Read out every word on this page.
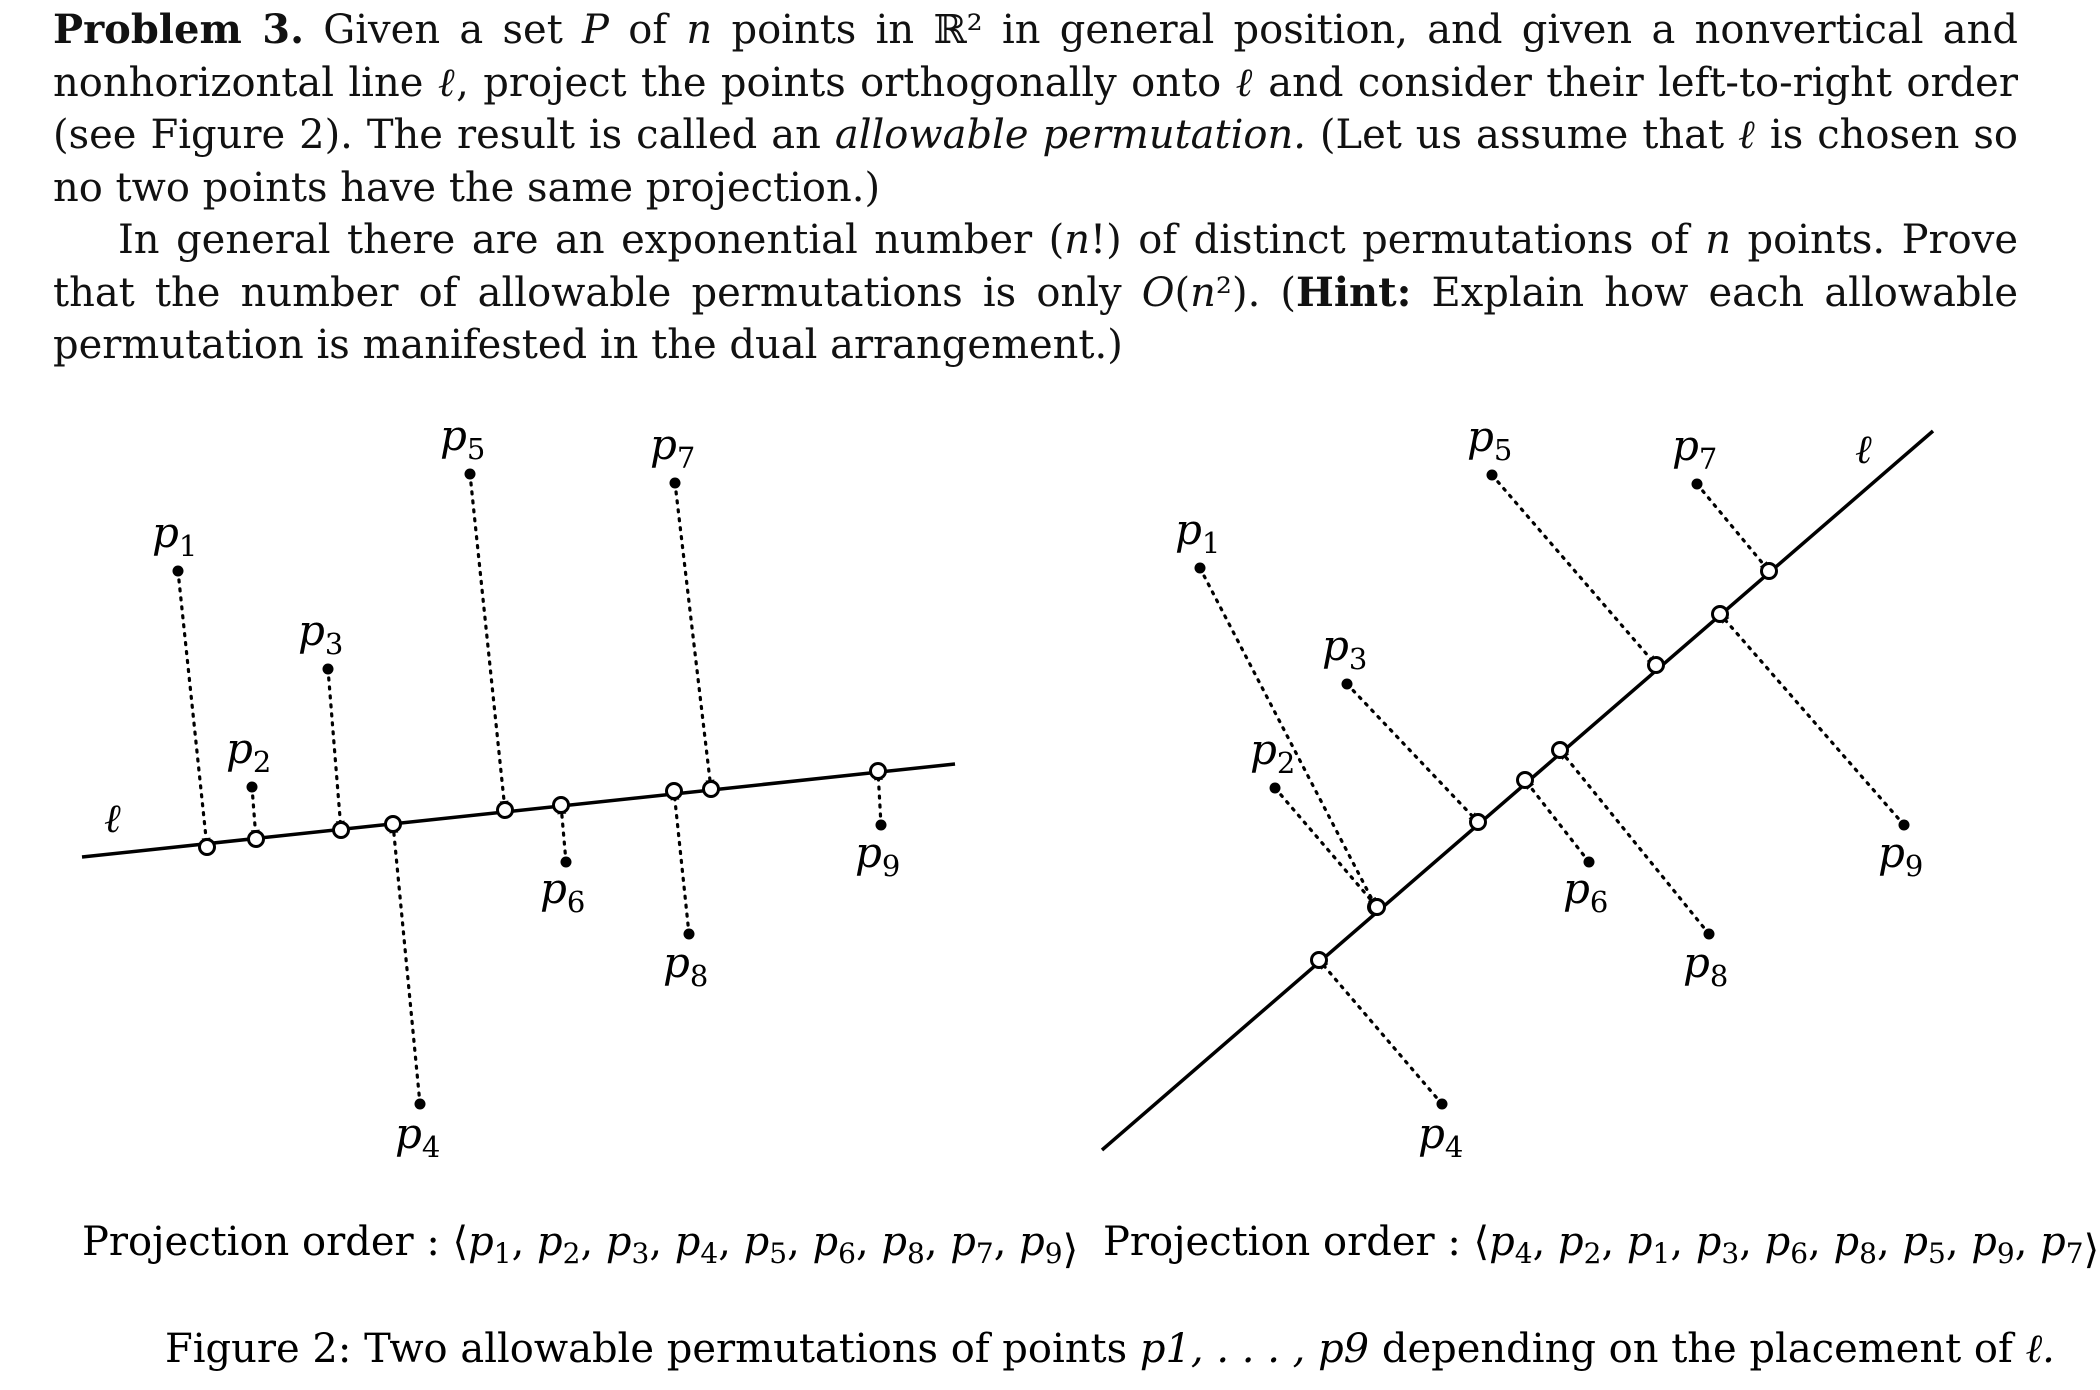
Problem 3. Given a set P of n points in ℝ² in general position, and given a nonvertical and nonhorizontal line ℓ, project the points orthogonally onto ℓ and consider their left-to-right order (see Figure 2). The result is called an allowable permutation. (Let us assume that ℓ is chosen so no two points have the same projection.)

In general there are an exponential number (n!) of distinct permutations of n points. Prove that the number of allowable permutations is only O(n²). (Hint: Explain how each allowable permutation is manifested in the dual arrangement.)

ℓ
$p_1$
$p_2$
$p_3$
$p_4$
$p_5$
$p_6$
$p_7$
$p_8$
$p_9$
Projection order : $⟨p_1$, $p_2$, $p_3$, $p_4$, $p_5$, $p_6$, $p_8$, $p_7$, $p_9⟩$
ℓ
$p_1$
$p_2$
$p_3$
$p_4$
$p_5$
$p_6$
$p_7$
$p_8$
$p_9$
Projection order : $⟨p_4$, $p_2$, $p_1$, $p_3$, $p_6$, $p_8$, $p_5$, $p_9$, $p_7⟩$
Figure 2: Two allowable permutations of points p1, . . . , p9 depending on the placement of ℓ.
